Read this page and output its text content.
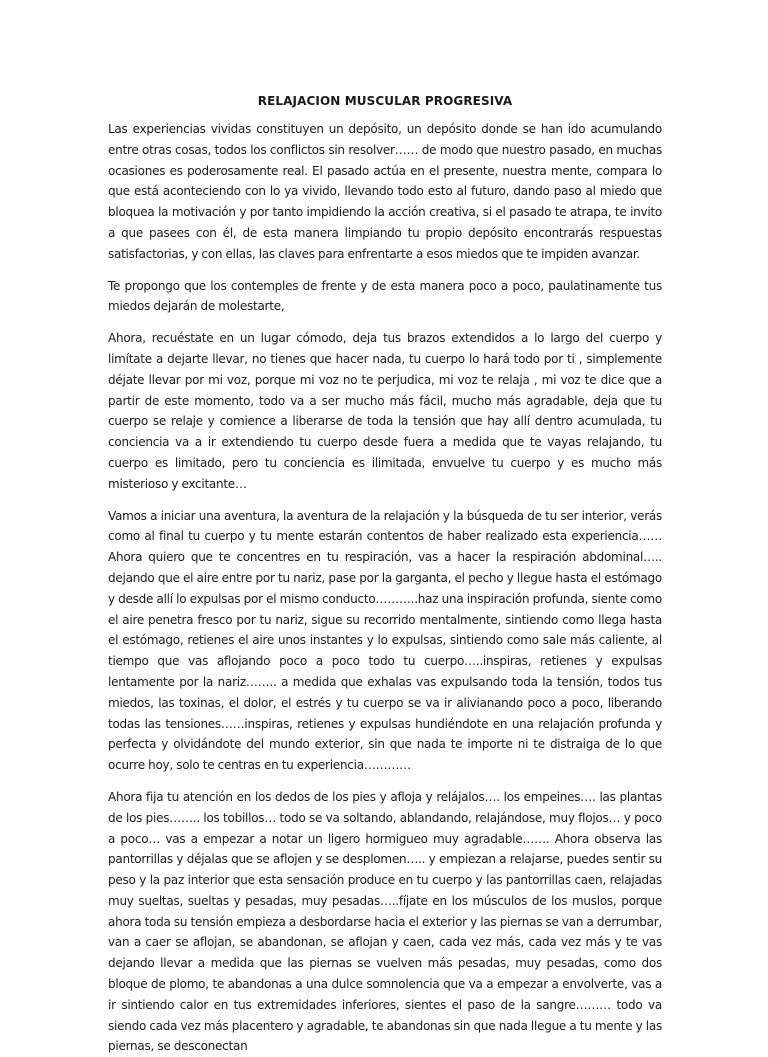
RELAJACION MUSCULAR PROGRESIVA

Las experiencias vividas constituyen un depósito, un depósito donde se han ido acumulando entre otras cosas, todos los conflictos sin resolver…… de modo que nuestro pasado, en muchas ocasiones es poderosamente real. El pasado actúa en el presente, nuestra mente, compara lo que está aconteciendo con lo ya vivido, llevando todo esto al futuro, dando paso al miedo que bloquea la motivación y por tanto impidiendo la acción creativa, si el pasado te atrapa, te invito a que pasees con él, de esta manera limpiando tu propio depósito encontrarás respuestas satisfactorias, y con ellas, las claves para enfrentarte a esos miedos que te impiden avanzar.

Te propongo que los contemples de frente y de esta manera poco a poco, paulatinamente tus miedos dejarán de molestarte,

Ahora, recuéstate en un lugar cómodo, deja tus brazos extendidos a lo largo del cuerpo y limítate a dejarte llevar, no tienes que hacer nada, tu cuerpo lo hará todo por ti , simplemente déjate llevar por mi voz, porque mi voz no te perjudica, mi voz te relaja , mi voz te dice que a partir de este momento, todo va a ser mucho más fácil, mucho más agradable, deja que tu cuerpo se relaje y comience a liberarse de toda la tensión que hay allí dentro acumulada, tu conciencia va a ir extendiendo tu cuerpo desde fuera a medida que te vayas relajando, tu cuerpo es limitado, pero tu conciencia es ilimitada, envuelve tu cuerpo y es mucho más misterioso y excitante…

Vamos a iniciar una aventura, la aventura de la relajación y la búsqueda de tu ser interior, verás como al final tu cuerpo y tu mente estarán contentos de haber realizado esta experiencia…… Ahora quiero que te concentres en tu respiración, vas a hacer la respiración abdominal….. dejando que el aire entre por tu nariz, pase por la garganta, el pecho y llegue hasta el estómago y desde allí lo expulsas por el mismo conducto………..haz una inspiración profunda, siente como el aire penetra fresco por tu nariz, sigue su recorrido mentalmente, sintiendo como llega hasta el estómago, retienes el aire unos instantes y lo expulsas, sintiendo como sale más caliente, al tiempo que vas aflojando poco a poco todo tu cuerpo…..inspiras, retienes y expulsas lentamente por la nariz…….. a medida que exhalas vas expulsando toda la tensión, todos tus miedos, las toxinas, el dolor, el estrés y tu cuerpo se va ir alivianando poco a poco, liberando todas las tensiones……inspiras, retienes y expulsas hundiéndote en una relajación profunda y perfecta y olvidándote del mundo exterior, sin que nada te importe ni te distraiga de lo que ocurre hoy, solo te centras en tu experiencia…………

Ahora fija tu atención en los dedos de los pies y afloja y relájalos…. los empeines…. las plantas de los pies…….. los tobillos… todo se va soltando, ablandando, relajándose, muy flojos… y poco a poco… vas a empezar a notar un ligero hormigueo muy agradable……. Ahora observa las pantorrillas y déjalas que se aflojen y se desplomen….. y empiezan a relajarse, puedes sentir su peso y la paz interior que esta sensación produce en tu cuerpo y las pantorrillas caen, relajadas muy sueltas, sueltas y pesadas, muy pesadas…..fíjate en los músculos de los muslos, porque ahora toda su tensión empieza a desbordarse hacia el exterior y las piernas se van a derrumbar, van a caer se aflojan, se abandonan, se aflojan y caen, cada vez más, cada vez más y te vas dejando llevar a medida que las piernas se vuelven más pesadas, muy pesadas, como dos bloque de plomo, te abandonas a una dulce somnolencia que va a empezar a envolverte, vas a ir sintiendo calor en tus extremidades inferiores, sientes el paso de la sangre……… todo va siendo cada vez más placentero y agradable, te abandonas sin que nada llegue a tu mente y las piernas, se desconectan
